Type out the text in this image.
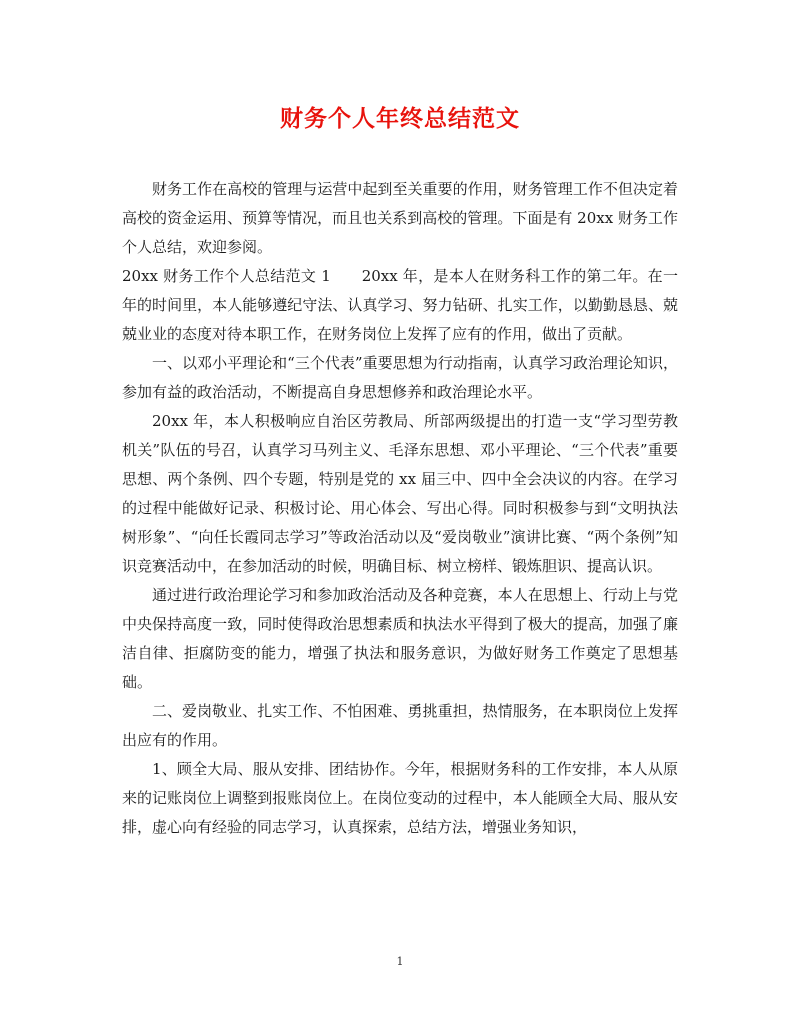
财务个人年终总结范文

财务工作在高校的管理与运营中起到至关重要的作用，财务管理工作不但决定着高校的资金运用、预算等情况，而且也关系到高校的管理。下面是有 20xx 财务工作个人总结，欢迎参阅。

20xx 财务工作个人总结范文 1　　20xx 年，是本人在财务科工作的第二年。在一年的时间里，本人能够遵纪守法、认真学习、努力钻研、扎实工作，以勤勤恳恳、兢兢业业的态度对待本职工作，在财务岗位上发挥了应有的作用，做出了贡献。

一、以邓小平理论和“三个代表”重要思想为行动指南，认真学习政治理论知识，参加有益的政治活动，不断提高自身思想修养和政治理论水平。

20xx 年，本人积极响应自治区劳教局、所部两级提出的打造一支“学习型劳教机关”队伍的号召，认真学习马列主义、毛泽东思想、邓小平理论、“三个代表”重要思想、两个条例、四个专题，特别是党的 xx 届三中、四中全会决议的内容。在学习的过程中能做好记录、积极讨论、用心体会、写出心得。同时积极参与到“文明执法树形象”、“向任长霞同志学习”等政治活动以及“爱岗敬业”演讲比赛、“两个条例”知识竞赛活动中，在参加活动的时候，明确目标、树立榜样、锻炼胆识、提高认识。

通过进行政治理论学习和参加政治活动及各种竞赛，本人在思想上、行动上与党中央保持高度一致，同时使得政治思想素质和执法水平得到了极大的提高，加强了廉洁自律、拒腐防变的能力，增强了执法和服务意识，为做好财务工作奠定了思想基础。

二、爱岗敬业、扎实工作、不怕困难、勇挑重担，热情服务，在本职岗位上发挥出应有的作用。

1、顾全大局、服从安排、团结协作。今年，根据财务科的工作安排，本人从原来的记账岗位上调整到报账岗位上。在岗位变动的过程中，本人能顾全大局、服从安排，虚心向有经验的同志学习，认真探索，总结方法，增强业务知识，

1
